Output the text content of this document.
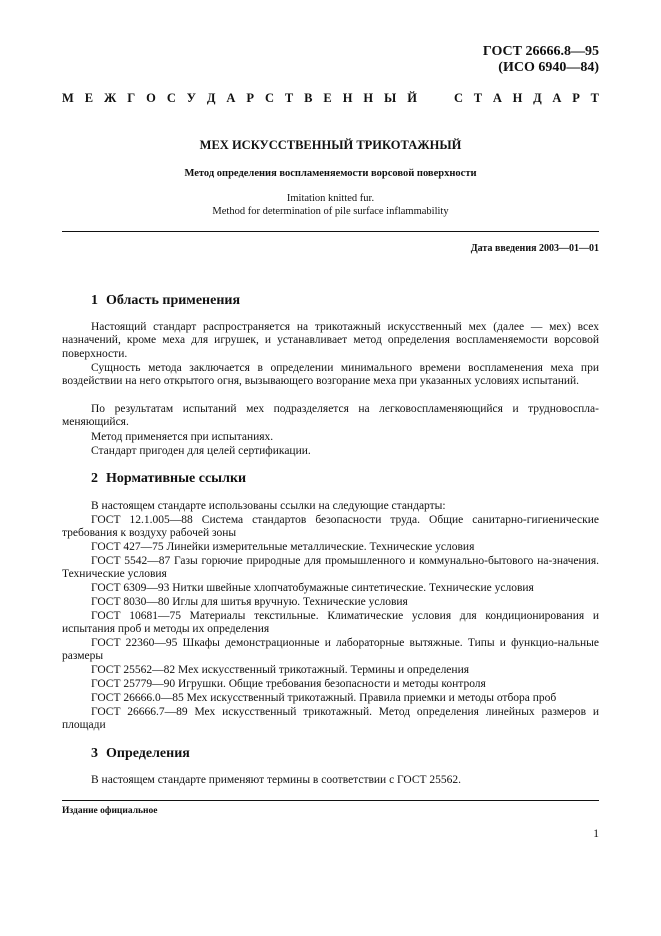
ГОСТ 26666.8—95
(ИСО 6940—84)
М Е Ж Г О С У Д А Р С Т В Е Н Н Ы Й	С Т А Н Д А Р Т
МЕХ ИСКУССТВЕННЫЙ ТРИКОТАЖНЫЙ
Метод определения воспламеняемости ворсовой поверхности
Imitation knitted fur.
Method for determination of pile surface inflammability
Дата введения 2003—01—01
1 Область применения

Настоящий стандарт распространяется на трикотажный искусственный мех (далее — мех) всех назначений, кроме меха для игрушек, и устанавливает метод определения воспламеняемости ворсовой поверхности.

Сущность метода заключается в определении минимального времени воспламенения меха при воздействии на него открытого огня, вызывающего возгорание меха при указанных условиях испытаний.

По результатам испытаний мех подразделяется на легковоспламеняющийся и трудновоспла-меняющийся.

Метод применяется при испытаниях.

Стандарт пригоден для целей сертификации.

2 Нормативные ссылки

В настоящем стандарте использованы ссылки на следующие стандарты:

ГОСТ 12.1.005—88 Система стандартов безопасности труда. Общие санитарно-гигиенические требования к воздуху рабочей зоны

ГОСТ 427—75 Линейки измерительные металлические. Технические условия

ГОСТ 5542—87 Газы горючие природные для промышленного и коммунально-бытового на-значения. Технические условия

ГОСТ 6309—93 Нитки швейные хлопчатобумажные синтетические. Технические условия

ГОСТ 8030—80 Иглы для шитья вручную. Технические условия

ГОСТ 10681—75 Материалы текстильные. Климатические условия для кондиционирования и испытания проб и методы их определения

ГОСТ 22360—95 Шкафы демонстрационные и лабораторные вытяжные. Типы и функцио-нальные размеры

ГОСТ 25562—82 Мех искусственный трикотажный. Термины и определения

ГОСТ 25779—90 Игрушки. Общие требования безопасности и методы контроля

ГОСТ 26666.0—85 Мех искусственный трикотажный. Правила приемки и методы отбора проб

ГОСТ 26666.7—89 Мех искусственный трикотажный. Метод определения линейных размеров и площади

3 Определения

В настоящем стандарте применяют термины в соответствии с ГОСТ 25562.

Издание официальное
1
